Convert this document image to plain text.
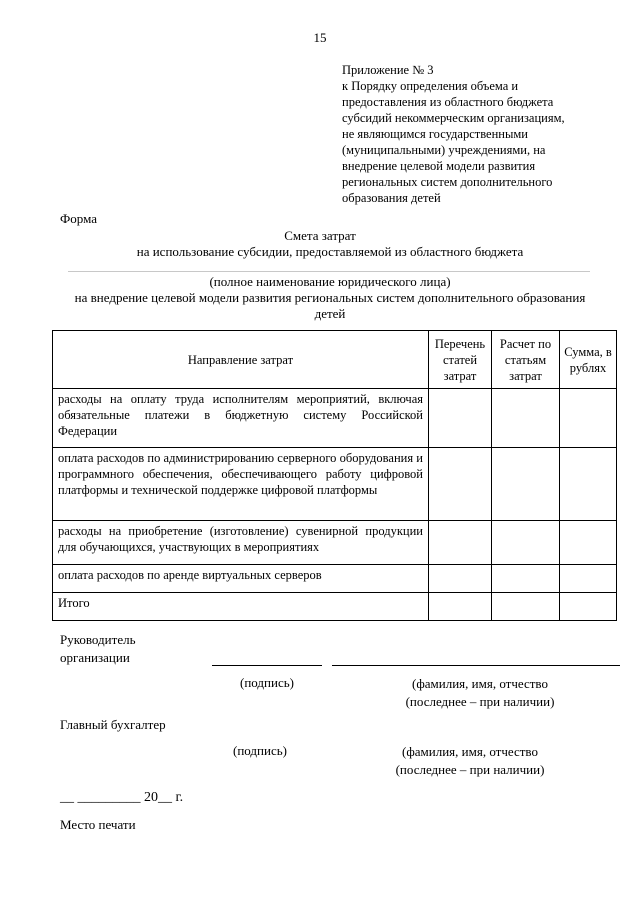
15
Приложение № 3
к Порядку определения объема и
предоставления из областного бюджета
субсидий некоммерческим организациям,
не являющимся государственными
(муниципальными) учреждениями, на
внедрение целевой модели развития
региональных систем дополнительного
образования детей
Форма
Смета затрат
на использование субсидии, предоставляемой из областного бюджета
(полное наименование юридического лица)
на внедрение целевой модели развития региональных систем дополнительного образования детей
Направление затрат	Перечень статей затрат	Расчет по статьям затрат	Сумма, в рублях
расходы на оплату труда исполнителям мероприятий, включая обязательные платежи в бюджетную систему Российской Федерации			
оплата расходов по администрированию серверного оборудования и программного обеспечения, обеспечивающего работу цифровой платформы и технической поддержке цифровой платформы			
расходы на приобретение (изготовление) сувенирной продукции для обучающихся, участвующих в мероприятиях			
оплата расходов по аренде виртуальных серверов			
Итого			
Руководитель
организации
(подпись)	(фамилия, имя, отчество
(последнее – при наличии)
Главный бухгалтер
(подпись)	(фамилия, имя, отчество
(последнее – при наличии)
__ _________ 20__ г.
Место печати
